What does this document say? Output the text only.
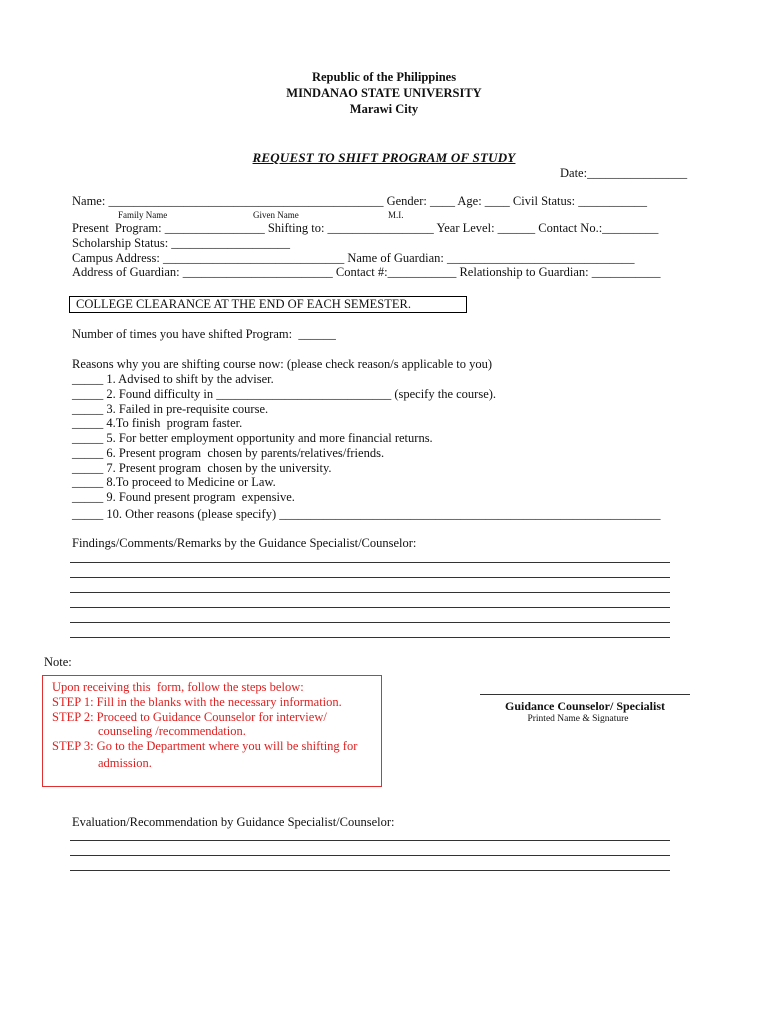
Republic of the Philippines
MINDANAO STATE UNIVERSITY
Marawi City
REQUEST TO SHIFT PROGRAM OF STUDY
Date:________________
Name: ____________________________________________ Gender: ____ Age: ____ Civil Status: ___________
Family Name	Given Name	M.I.
Present  Program: ________________ Shifting to: _________________ Year Level: ______ Contact No.:_________
Scholarship Status: ___________________
Campus Address: _____________________________ Name of Guardian: ______________________________
Address of Guardian: ________________________ Contact #:___________ Relationship to Guardian: ___________
COLLEGE CLEARANCE AT THE END OF EACH SEMESTER.
Number of times you have shifted Program:  ______
Reasons why you are shifting course now: (please check reason/s applicable to you)
_____ 1. Advised to shift by the adviser.
_____ 2. Found difficulty in ____________________________ (specify the course).
_____ 3. Failed in pre-requisite course.
_____ 4.To finish  program faster.
_____ 5. For better employment opportunity and more financial returns.
_____ 6. Present program  chosen by parents/relatives/friends.
_____ 7. Present program  chosen by the university.
_____ 8.To proceed to Medicine or Law.
_____ 9. Found present program  expensive.
_____ 10. Other reasons (please specify) _____________________________________________________________
Findings/Comments/Remarks by the Guidance Specialist/Counselor:
Note:
Upon receiving this  form, follow the steps below:
STEP 1: Fill in the blanks with the necessary information.
STEP 2: Proceed to Guidance Counselor for interview/
counseling /recommendation.
STEP 3: Go to the Department where you will be shifting for
admission.
Guidance Counselor/ Specialist
Printed Name & Signature
Evaluation/Recommendation by Guidance Specialist/Counselor:
